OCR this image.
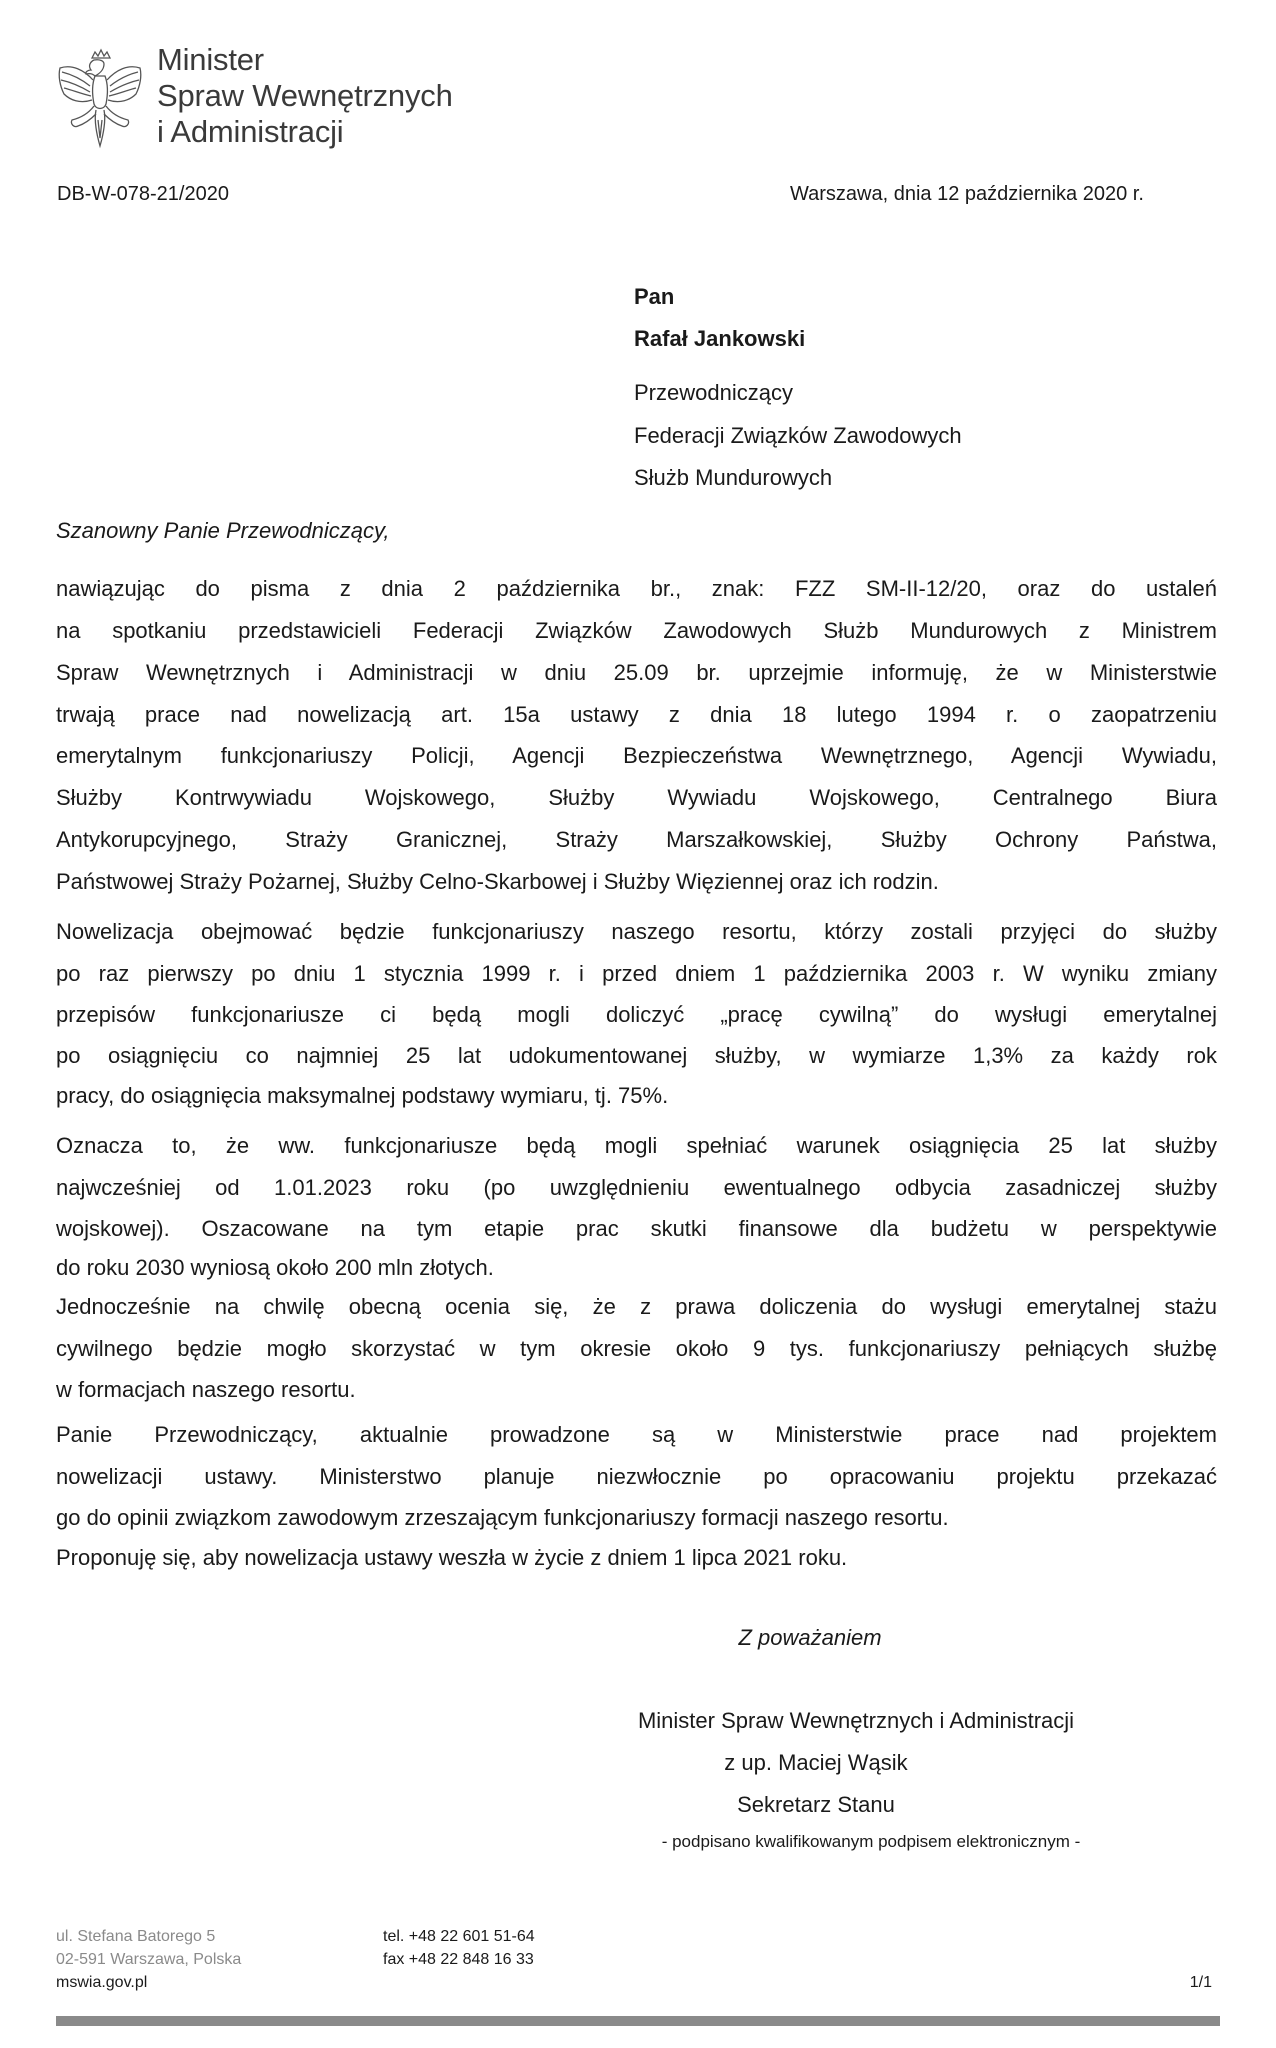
Minister
Spraw Wewnętrznych
i Administracji
DB-W-078-21/2020	Warszawa, dnia 12 października 2020 r.
Pan
Rafał Jankowski
Przewodniczący
Federacji Związków Zawodowych
Służb Mundurowych
Szanowny Panie Przewodniczący,
nawiązując do pisma z dnia 2 października br., znak: FZZ SM-II-12/20, oraz do ustaleń
na spotkaniu przedstawicieli Federacji Związków Zawodowych Służb Mundurowych z Ministrem
Spraw Wewnętrznych i Administracji w dniu 25.09 br. uprzejmie informuję, że w Ministerstwie
trwają prace nad nowelizacją art. 15a ustawy z dnia 18 lutego 1994 r. o zaopatrzeniu
emerytalnym funkcjonariuszy Policji, Agencji Bezpieczeństwa Wewnętrznego, Agencji Wywiadu,
Służby Kontrwywiadu Wojskowego, Służby Wywiadu Wojskowego, Centralnego Biura
Antykorupcyjnego, Straży Granicznej, Straży Marszałkowskiej, Służby Ochrony Państwa,
Państwowej Straży Pożarnej, Służby Celno-Skarbowej i Służby Więziennej oraz ich rodzin.
Nowelizacja obejmować będzie funkcjonariuszy naszego resortu, którzy zostali przyjęci do służby
po raz pierwszy po dniu 1 stycznia 1999 r. i przed dniem 1 października 2003 r. W wyniku zmiany
przepisów funkcjonariusze ci będą mogli doliczyć „pracę cywilną” do wysługi emerytalnej
po osiągnięciu co najmniej 25 lat udokumentowanej służby, w wymiarze 1,3% za każdy rok
pracy, do osiągnięcia maksymalnej podstawy wymiaru, tj. 75%.
Oznacza to, że ww. funkcjonariusze będą mogli spełniać warunek osiągnięcia 25 lat służby
najwcześniej od 1.01.2023 roku (po uwzględnieniu ewentualnego odbycia zasadniczej służby
wojskowej). Oszacowane na tym etapie prac skutki finansowe dla budżetu w perspektywie
do roku 2030 wyniosą około 200 mln złotych.
Jednocześnie na chwilę obecną ocenia się, że z prawa doliczenia do wysługi emerytalnej stażu
cywilnego będzie mogło skorzystać w tym okresie około 9 tys. funkcjonariuszy pełniących służbę
w formacjach naszego resortu.
Panie Przewodniczący, aktualnie prowadzone są w Ministerstwie prace nad projektem
nowelizacji ustawy. Ministerstwo planuje niezwłocznie po opracowaniu projektu przekazać
go do opinii związkom zawodowym zrzeszającym funkcjonariuszy formacji naszego resortu.
Proponuję się, aby nowelizacja ustawy weszła w życie z dniem 1 lipca 2021 roku.
Z poważaniem
Minister Spraw Wewnętrznych i Administracji
z up. Maciej Wąsik
Sekretarz Stanu
- podpisano kwalifikowanym podpisem elektronicznym -
ul. Stefana Batorego 5
02-591 Warszawa, Polska
mswia.gov.pl
tel. +48 22 601 51-64
fax +48 22 848 16 33
1/1
